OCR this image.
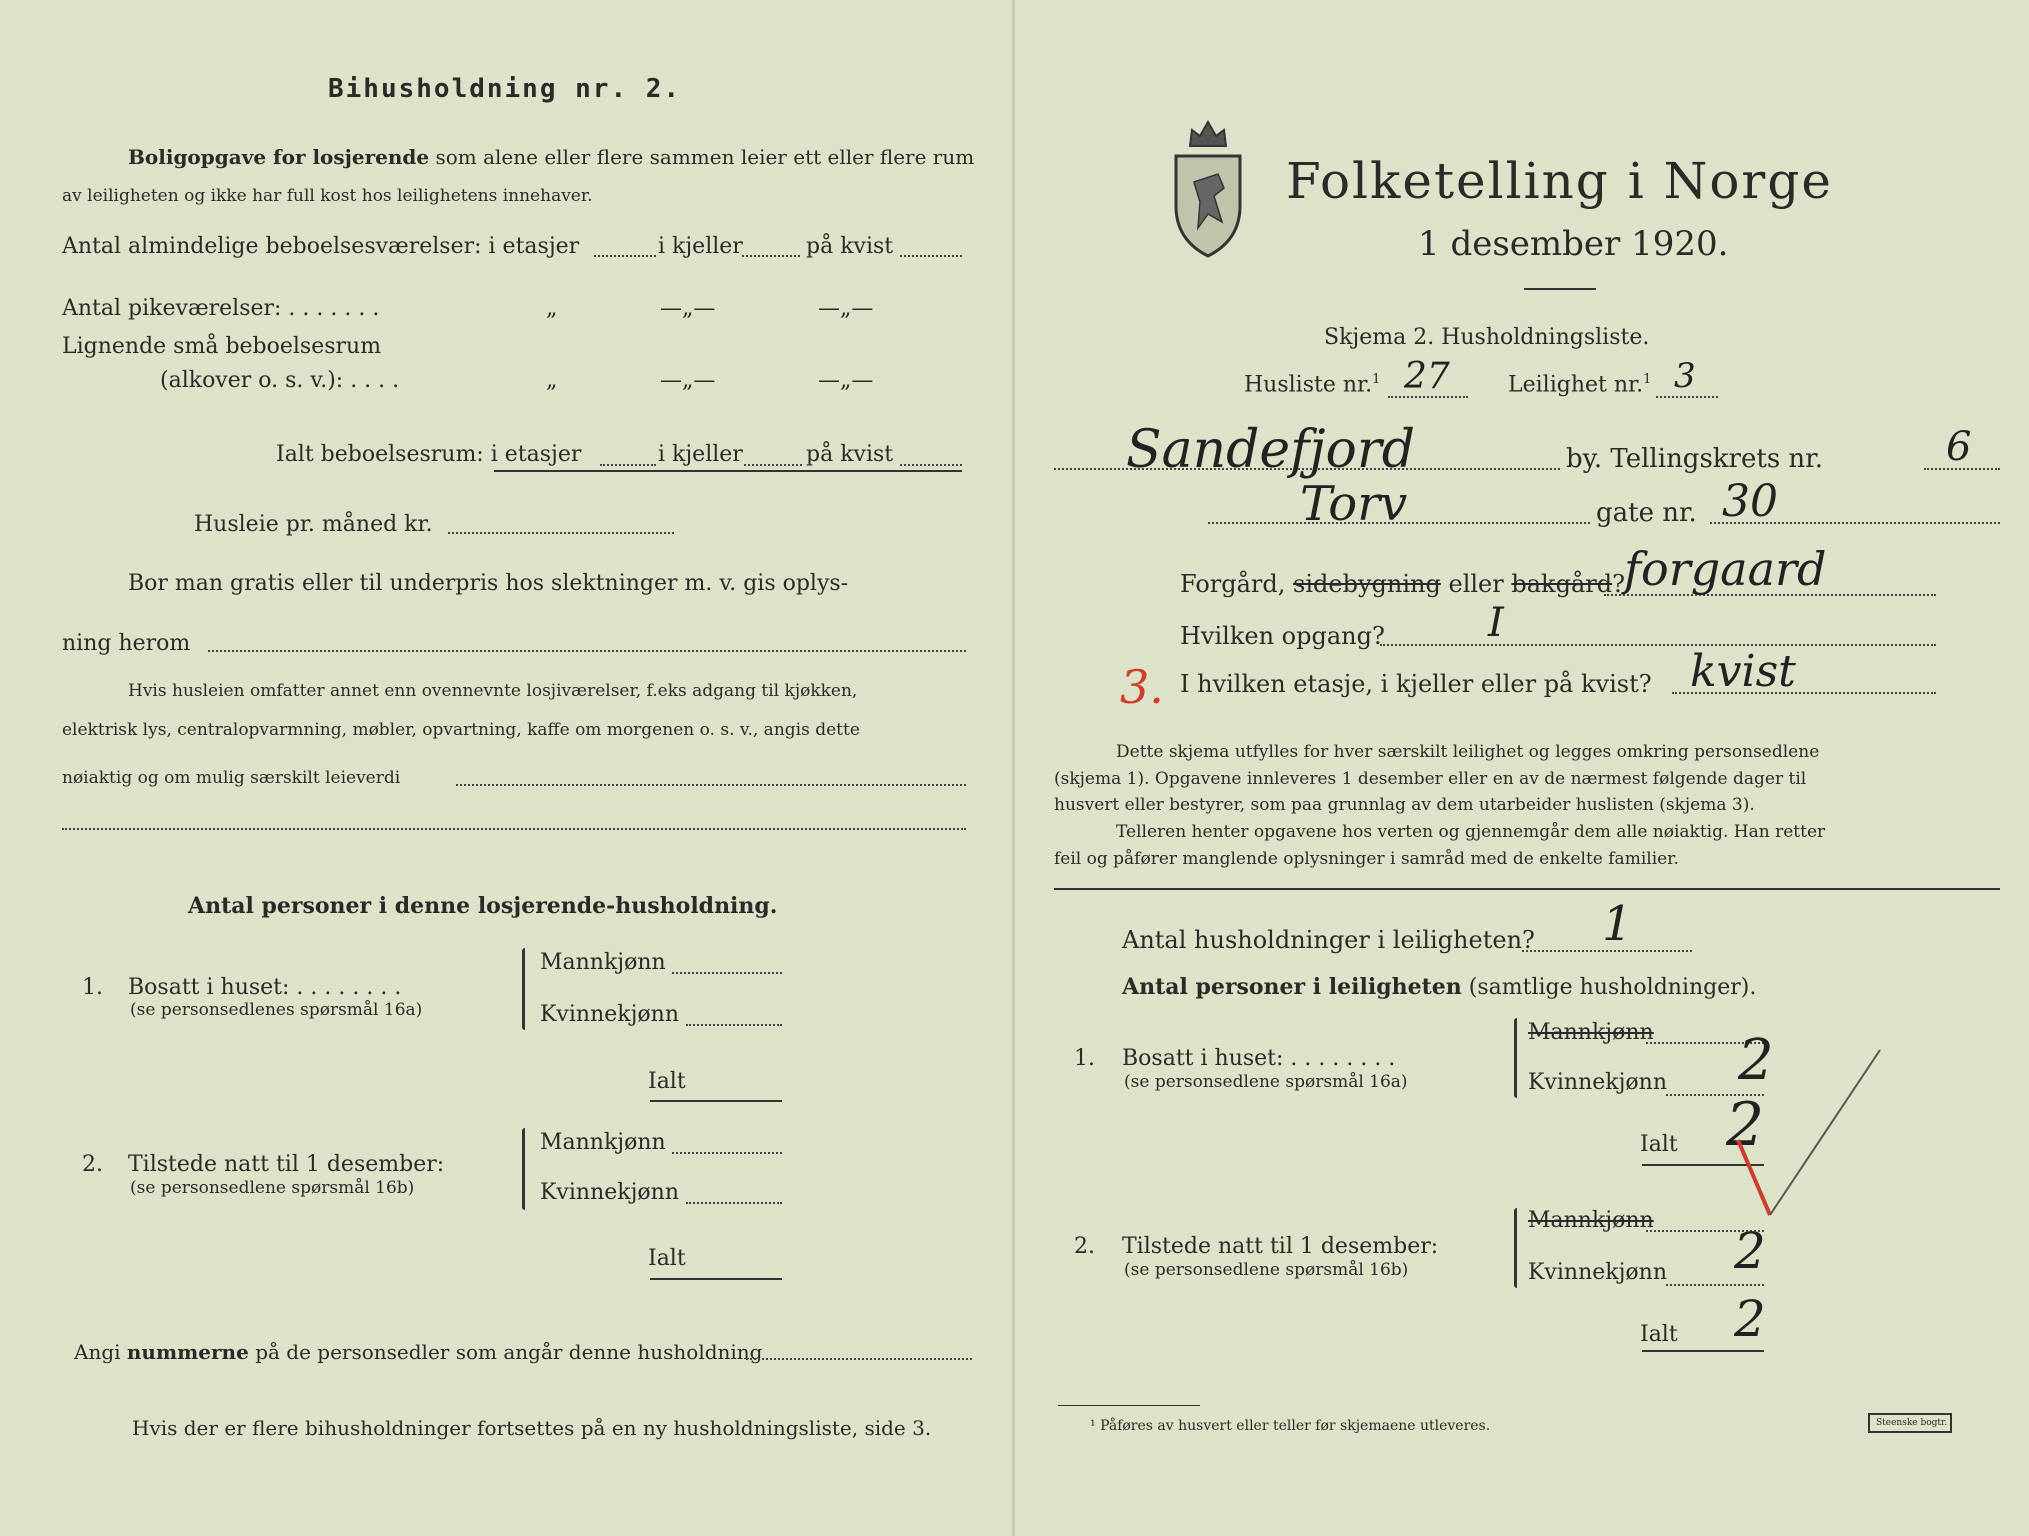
Bihusholdning nr. 2.
Boligopgave for losjerende som alene eller flere sammen leier ett eller flere rum
av leiligheten og ikke har full kost hos leilighetens innehaver.
Antal almindelige beboelsesværelser: i etasjer	i kjeller	på kvist
Antal pikeværelser: . . . . . . .	„	—„—	—„—
Lignende små beboelsesrum
(alkover o. s. v.): . . . .	„	—„—	—„—
Ialt beboelsesrum: i etasjer	i kjeller	på kvist
Husleie pr. måned kr.
Bor man gratis eller til underpris hos slektninger m. v. gis oplys-
ning herom
Hvis husleien omfatter annet enn ovennevnte losjiværelser, f.eks adgang til kjøkken,
elektrisk lys, centralopvarmning, møbler, opvartning, kaffe om morgenen o. s. v., angis dette
nøiaktig og om mulig særskilt leieverdi
Antal personer i denne losjerende-husholdning.
1. Bosatt i huset: . . . . . . . .
(se personsedlenes spørsmål 16a)
Mannkjønn
Kvinnekjønn
Ialt
2. Tilstede natt til 1 desember:
(se personsedlene spørsmål 16b)
Mannkjønn
Kvinnekjønn
Ialt
Angi nummerne på de personsedler som angår denne husholdning
Hvis der er flere bihusholdninger fortsettes på en ny husholdningsliste, side 3.
Folketelling i Norge
1 desember 1920.
Skjema 2. Husholdningsliste.
Husliste nr.$^1$ 27	Leilighet nr.$^1$ 3
Sandefjord	by. Tellingskrets nr.	6
Torv	gate nr. 30
Forgård, sidebygning eller bakgård? forgaard
Hvilken opgang?	I
3. I hvilken etasje, i kjeller eller på kvist? kvist
Dette skjema utfylles for hver særskilt leilighet og legges omkring personsedlene
(skjema 1). Opgavene innleveres 1 desember eller en av de nærmest følgende dager til
husvert eller bestyrer, som paa grunnlag av dem utarbeider huslisten (skjema 3).
Telleren henter opgavene hos verten og gjennemgår dem alle nøiaktig. Han retter
feil og påfører manglende oplysninger i samråd med de enkelte familier.
Antal husholdninger i leiligheten? 1
Antal personer i leiligheten (samtlige husholdninger).
1. Bosatt i huset: . . . . . . . .
(se personsedlene spørsmål 16a)
Mannkjønn
Kvinnekjønn 2
Ialt 2
2. Tilstede natt til 1 desember:
(se personsedlene spørsmål 16b)
Mannkjønn
Kvinnekjønn 2
Ialt 2
¹ Påføres av husvert eller teller før skjemaene utleveres.	Steenske bogtr.
